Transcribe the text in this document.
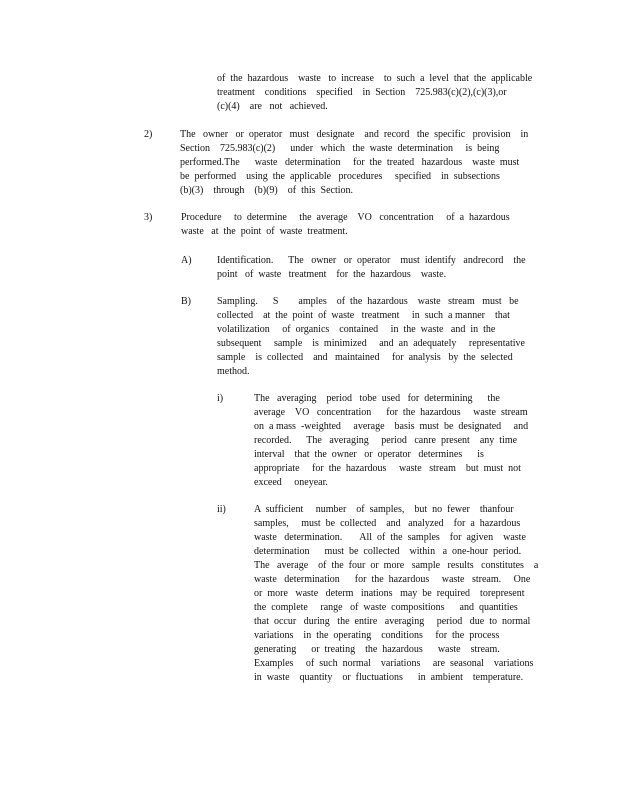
of  the  hazardous    waste   to  increase    to  such  a  level  that  the  applicable
treatment    conditions    specified    in  Section    725.983(c)(2),(c)(3),or
(c)(4)    are   not   achieved.
2)	The   owner   or  operator   must   designate    and  record   the  specific   provision    in
Section    725.983(c)(2)      under   which   the  waste  determination     is  being
performed.The      waste   determination     for  the  treated   hazardous    waste  must
be  performed    using  the  applicable   procedures     specified    in  subsections
(b)(3)    through    (b)(9)    of  this  Section.
3)	Procedure     to  determine     the  average    VO   concentration     of  a  hazardous
waste   at  the  point  of  waste  treatment.
A)	Identification.      The   owner   or  operator    must  identify   andrecord    the
point   of  waste   treatment    for  the  hazardous    waste.
B)	Sampling.      S        amples    of  the  hazardous    waste   stream   must   be
collected    at  the  point  of  waste   treatment     in  such  a manner    that
volatilization     of  organics    contained     in  the  waste   and  in  the
subsequent     sample    is  minimized     and  an  adequately     representative
sample    is  collected    and   maintained     for  analysis   by  the  selected
method.
i)	The   averaging    period   tobe  used   for  determining      the
average    VO   concentration      for  the  hazardous     waste  stream
on  a mass  -weighted     average    basis  must  be  designated     and
recorded.      The   averaging     period   canre  present    any  time
interval    that  the  owner   or  operator   determines      is
appropriate     for  the  hazardous     waste   stream    but  must  not
exceed     oneyear.
ii)	A  sufficient     number    of  samples,    but  no  fewer    thanfour
samples,     must  be  collected    and   analyzed    for  a  hazardous
waste   determination.       All  of  the  samples    for  agiven    waste
determination      must  be  collected    within   a  one-hour  period.
The   average    of  the  four  or  more   sample   results   constitutes    a
waste   determination      for  the  hazardous     waste   stream.     One
or  more   waste   determ   inations   may  be  required    torepresent
the  complete     range   of  waste  compositions      and  quantities
that  occur   during   the  entire   averaging     period   due  to  normal
variations    in  the  operating    conditions     for  the  process
generating      or  treating    the  hazardous      waste    stream.
Examples     of  such  normal    variations     are  seasonal    variations
in  waste    quantity    or  fluctuations      in  ambient    temperature.
